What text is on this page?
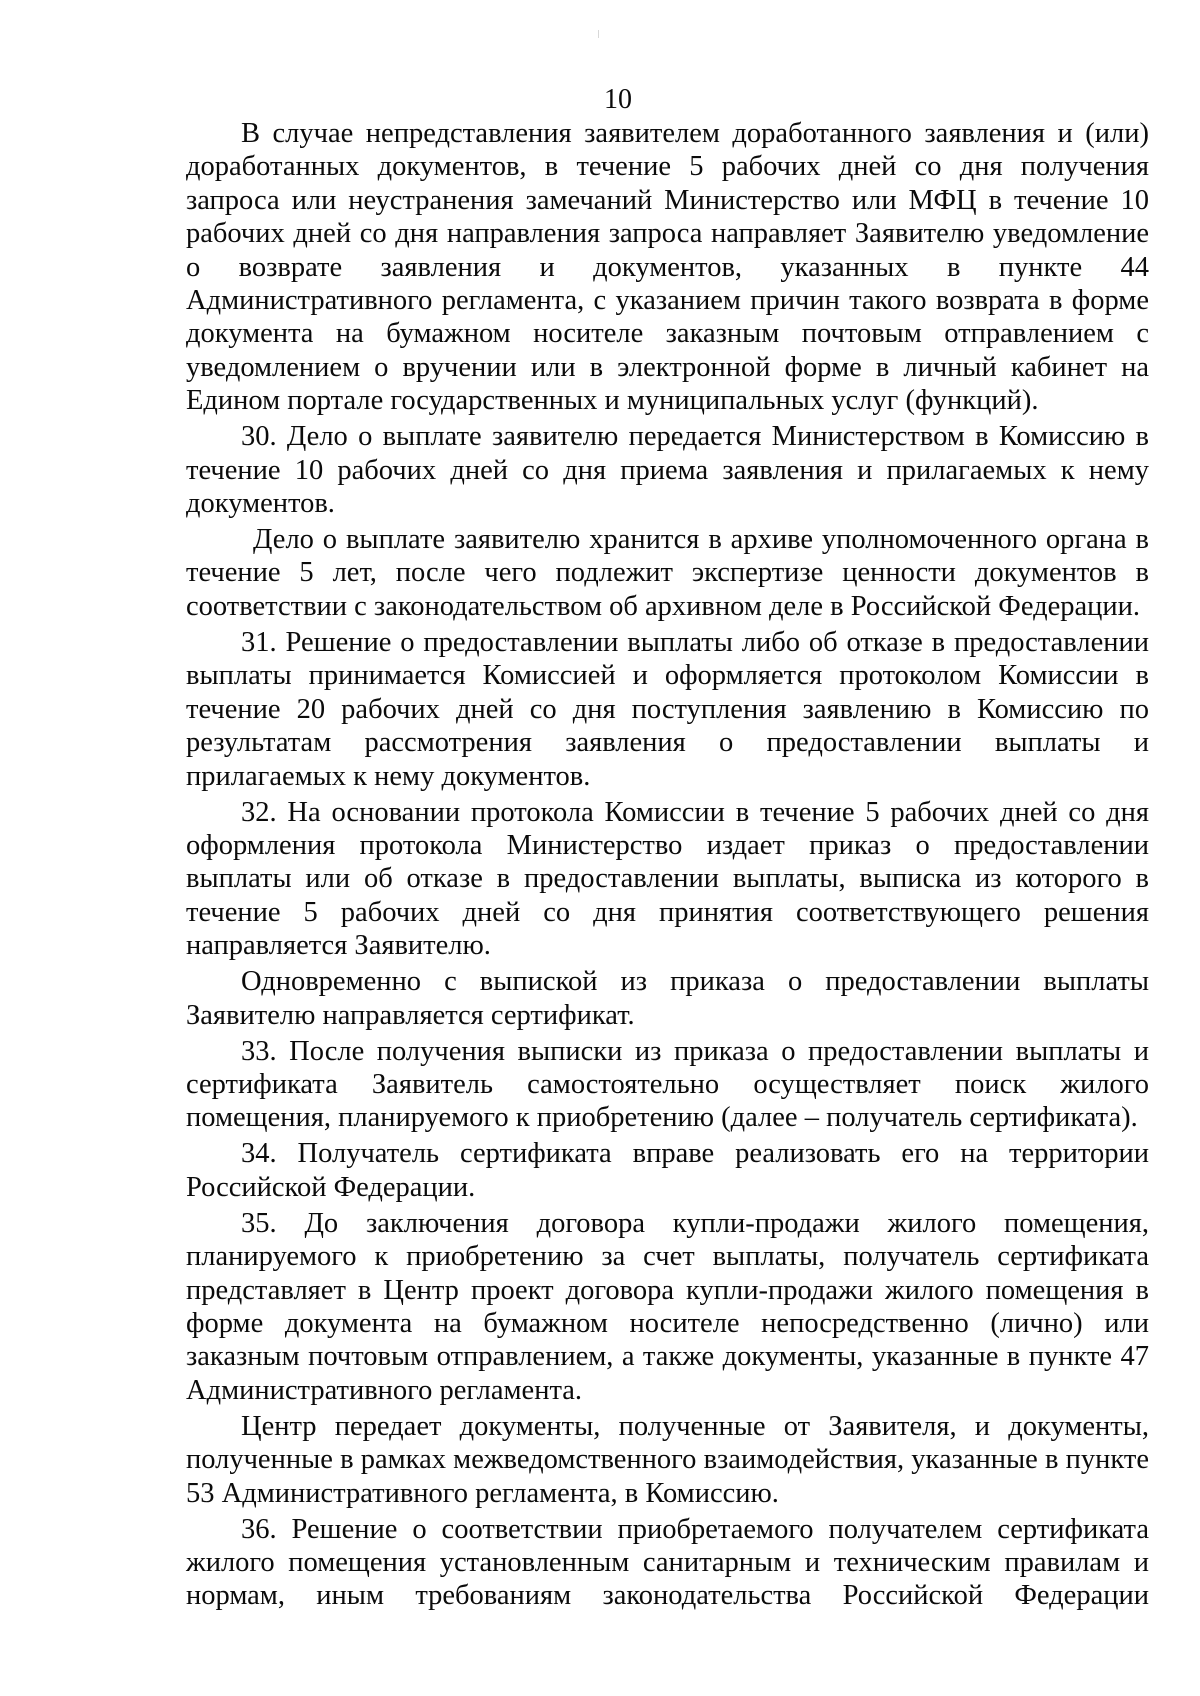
10

В случае непредставления заявителем доработанного заявления и (или) доработанных документов, в течение 5 рабочих дней со дня получения запроса или неустранения замечаний Министерство или МФЦ в течение 10 рабочих дней со дня направления запроса направляет Заявителю уведомление о возврате заявления и документов, указанных в пункте 44 Административного регламента, с указанием причин такого возврата в форме документа на бумажном носителе заказным почтовым отправлением с уведомлением о вручении или в электронной форме в личный кабинет на Едином портале государственных и муниципальных услуг (функций).

30. Дело о выплате заявителю передается Министерством в Комиссию в течение 10 рабочих дней со дня приема заявления и прилагаемых к нему документов.

Дело о выплате заявителю хранится в архиве уполномоченного органа в течение 5 лет, после чего подлежит экспертизе ценности документов в соответствии с законодательством об архивном деле в Российской Федерации.

31. Решение о предоставлении выплаты либо об отказе в предоставлении выплаты принимается Комиссией и оформляется протоколом Комиссии в течение 20 рабочих дней со дня поступления заявлению в Комиссию по результатам рассмотрения заявления о предоставлении выплаты и прилагаемых к нему документов.

32. На основании протокола Комиссии в течение 5 рабочих дней со дня оформления протокола Министерство издает приказ о предоставлении выплаты или об отказе в предоставлении выплаты, выписка из которого в течение 5 рабочих дней со дня принятия соответствующего решения направляется Заявителю.

Одновременно с выпиской из приказа о предоставлении выплаты Заявителю направляется сертификат.

33. После получения выписки из приказа о предоставлении выплаты и сертификата Заявитель самостоятельно осуществляет поиск жилого помещения, планируемого к приобретению (далее – получатель сертификата).

34. Получатель сертификата вправе реализовать его на территории Российской Федерации.

35. До заключения договора купли-продажи жилого помещения, планируемого к приобретению за счет выплаты, получатель сертификата представляет в Центр проект договора купли-продажи жилого помещения в форме документа на бумажном носителе непосредственно (лично) или заказным почтовым отправлением, а также документы, указанные в пункте 47 Административного регламента.

Центр передает документы, полученные от Заявителя, и документы, полученные в рамках межведомственного взаимодействия, указанные в пункте 53 Административного регламента, в Комиссию.

36. Решение о соответствии приобретаемого получателем сертификата жилого помещения установленным санитарным и техническим правилам и нормам, иным требованиям законодательства Российской Федерации
